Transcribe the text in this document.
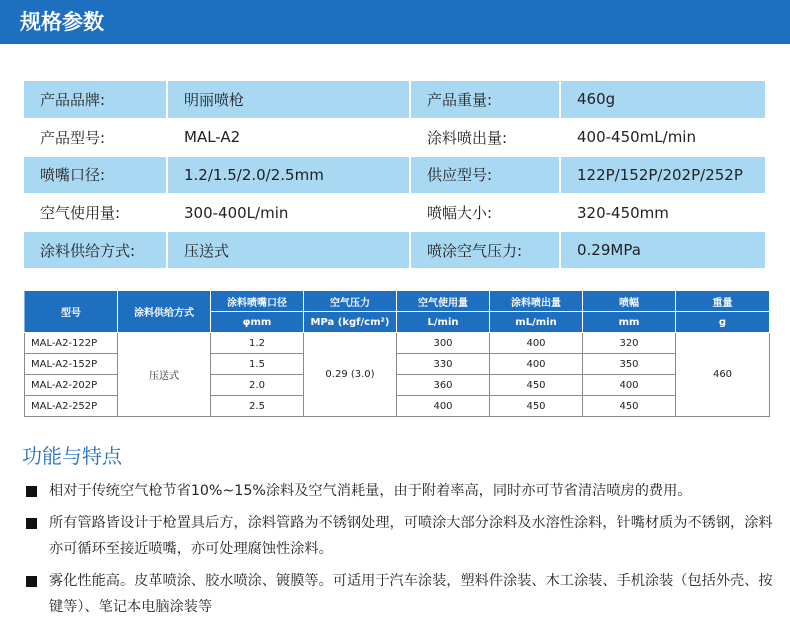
规格参数
产品品牌:	明丽喷枪	产品重量:	460g
产品型号:	MAL-A2	涂料喷出量:	400-450mL/min
喷嘴口径:	1.2/1.5/2.0/2.5mm	供应型号:	122P/152P/202P/252P
空气使用量:	300-400L/min	喷幅大小:	320-450mm
涂料供给方式:	压送式	喷涂空气压力:	0.29MPa
型号	涂料供给方式	涂料喷嘴口径	空气压力	空气使用量	涂料喷出量	喷幅	重量
		φmm	MPa (kgf/cm²)	L/min	mL/min	mm	g
MAL-A2-122P	压送式	1.2	0.29 (3.0)	300	400	320	460
MAL-A2-152P		1.5		330	400	350	
MAL-A2-202P		2.0		360	450	400	
MAL-A2-252P		2.5		400	450	450	
功能与特点
相对于传统空气枪节省10%~15%涂料及空气消耗量，由于附着率高，同时亦可节省清洁喷房的费用。
所有管路皆设计于枪置具后方，涂料管路为不锈钢处理，可喷涂大部分涂料及水溶性涂料，针嘴材质为不锈钢，涂料亦可循环至接近喷嘴，亦可处理腐蚀性涂料。
雾化性能高。皮革喷涂、胶水喷涂、镀膜等。可适用于汽车涂装，塑料件涂装、木工涂装、手机涂装（包括外壳、按键等）、笔记本电脑涂装等
